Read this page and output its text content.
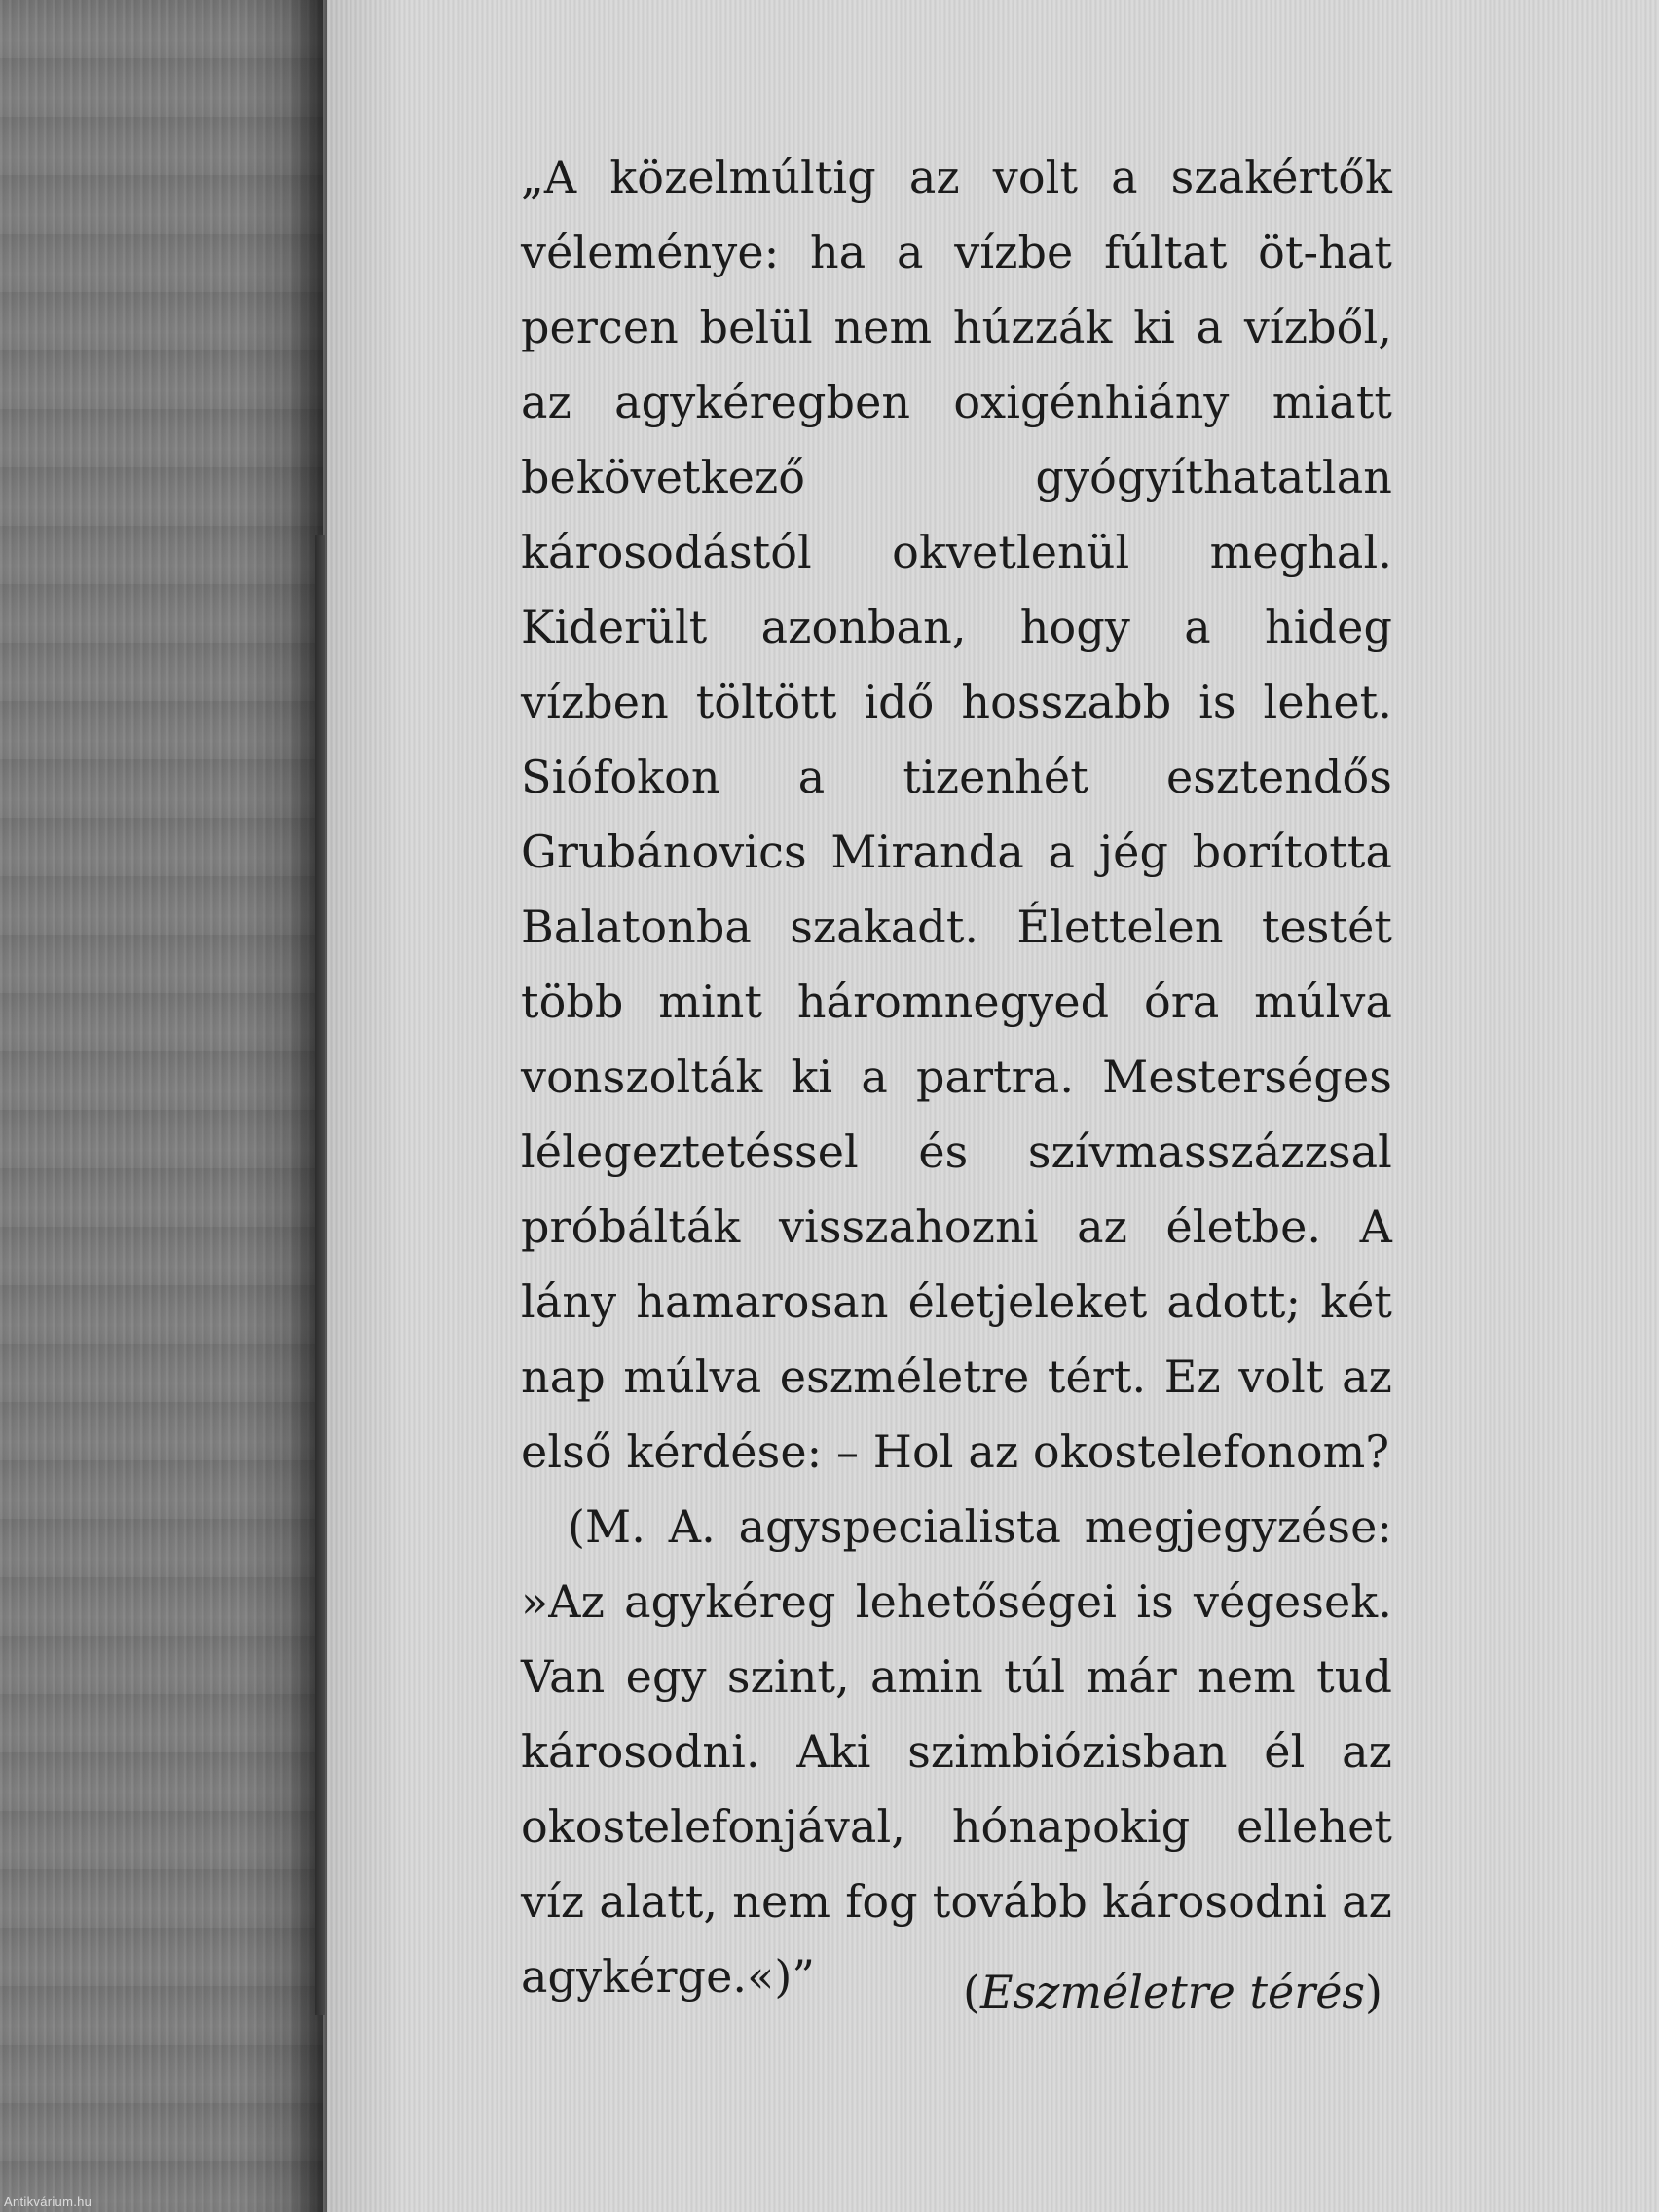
„A közelmúltig az volt a szakértők véleménye: ha a vízbe fúltat öt-hat percen belül nem húzzák ki a vízből, az agykéregben oxigénhiány miatt bekövetkező gyógyíthatatlan károsodástól okvetlenül meghal. Kiderült azonban, hogy a hideg vízben töltött idő hosszabb is lehet. Siófokon a tizenhét esztendős Grubánovics Miranda a jég borította Balatonba szakadt. Élettelen testét több mint háromnegyed óra múlva vonszolták ki a partra. Mesterséges lélegeztetéssel és szívmasszázzsal próbálták visszahozni az életbe. A lány hamarosan életjeleket adott; két nap múlva eszméletre tért. Ez volt az első kérdése: – Hol az okostelefonom?

(M. A. agyspecialista megjegyzése: »Az agykéreg lehetőségei is végesek. Van egy szint, amin túl már nem tud károsodni. Aki szimbiózisban él az okostelefonjával, hónapokig ellehet víz alatt, nem fog tovább károsodni az agykérge.«)”	(Eszméletre térés)
Antikvárium.hu
